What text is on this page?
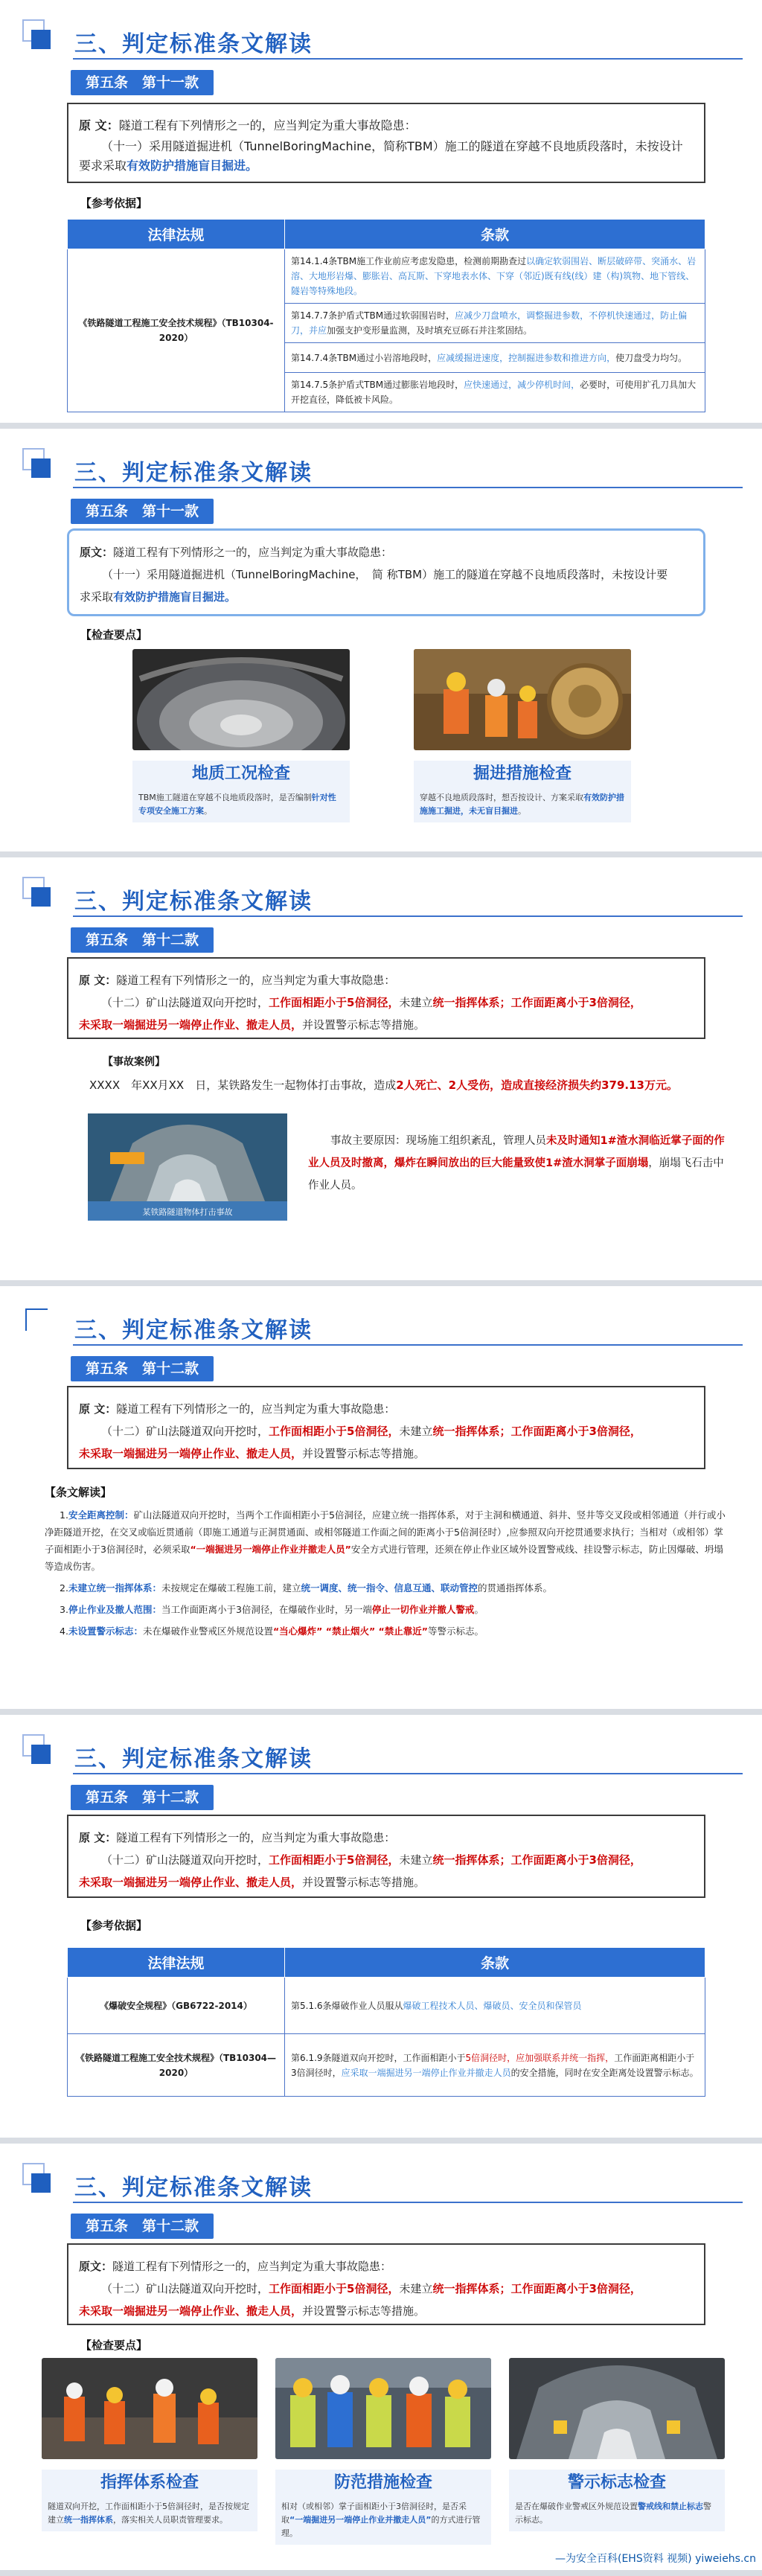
三、判定标准条文解读
第五条　第十一款
原 文：隧道工程有下列情形之一的，应当判定为重大事故隐患：
（十一）采用隧道掘进机（TunnelBoringMachine，简称TBM）施工的隧道在穿越不良地质段落时，未按设计要求采取有效防护措施盲目掘进。
【参考依据】
法律法规	条款
《铁路隧道工程施工安全技术规程》（TB10304-2020）	第14.1.4条TBM施工作业前应考虑发隐患，检测前期勘查过以确定软弱围岩、断层破碎带、突涌水、岩溶、大地形岩爆、膨胀岩、高瓦斯、下穿地表水体、下穿（邻近)既有线(线）建（构)筑物、地下管线、隧岩等特殊地段。
	第14.7.7条护盾式TBM通过软弱围岩时，应减少刀盘喷水，调整掘进参数，不停机快速通过，防止偏刀，并应加强支护变形量监测，及时填充豆砾石并注浆固结。
	第14.7.4条TBM通过小岩溶地段时，应减缓掘进速度，控制掘进参数和推进方向，使刀盘受力均匀。
	第14.7.5条护盾式TBM通过膨胀岩地段时，应快速通过，减少停机时间，必要时，可使用扩孔刀具加大开挖直径，降低被卡风险。
三、判定标准条文解读
第五条　第十一款
原文：隧道工程有下列情形之一的，应当判定为重大事故隐患：
（十一）采用隧道掘进机（TunnelBoringMachine，　简 称TBM）施工的隧道在穿越不良地质段落时，未按设计要
求采取有效防护措施盲目掘进。
【检查要点】
地质工况检查
TBM施工隧道在穿越不良地质段落时，是否编制针对性专项安全施工方案。
掘进措施检查
穿越不良地质段落时，想否按设计、方案采取有效防护措施施工掘进，未无盲目掘进。
三、判定标准条文解读
第五条　第十二款
原 文：隧道工程有下列情形之一的，应当判定为重大事故隐患：
（十二）矿山法隧道双向开挖时，工作面相距小于5倍洞径，未建立统一指挥体系；工作面距离小于3倍洞径，
未采取一端掘进另一端停止作业、撤走人员，并设置警示标志等措施。
【事故案例】
XXXX　年XX月XX　日，某铁路发生一起物体打击事故，造成2人死亡、2人受伤，造成直接经济损失约379.13万元。
某铁路隧道物体打击事故
事故主要原因：现场施工组织紊乱，管理人员未及时通知1#渣水洞临近掌子面的作业人员及时撤离，爆炸在瞬间放出的巨大能量致使1#渣水洞掌子面崩塌，崩塌飞石击中作业人员。
三、判定标准条文解读
第五条　第十二款
原 文：隧道工程有下列情形之一的，应当判定为重大事故隐患：
（十二）矿山法隧道双向开挖时，工作面相距小于5倍洞径，未建立统一指挥体系；工作面距离小于3倍洞径，
未采取一端掘进另一端停止作业、撤走人员，并设置警示标志等措施。
【条文解读】

1.安全距离控制：矿山法隧道双向开挖时，当两个工作面相距小于5倍洞径，应建立统一指挥体系，对于主洞和横通道、斜井、竖井等交叉段或相邻通道（并行或小净距隧道开挖，在交叉或临近贯通前（即施工通道与正洞贯通面、或相邻隧道工作面之间的距离小于5倍洞径时）,应参照双向开挖贯通要求执行；当相对（或相邻）掌子面相距小于3倍洞径时，必须采取“一端掘进另一端停止作业并撤走人员”安全方式进行管理，还须在停止作业区域外设置警戒线、挂设警示标志，防止因爆破、坍塌等造成伤害。

2.未建立统一指挥体系：未按规定在爆破工程施工前，建立统一调度、统一指令、信息互通、联动管控的贯通指挥体系。

3.停止作业及撤人范围：当工作面距离小于3倍洞径，在爆破作业时，另一端停止一切作业并撤人警戒。

4.未设置警示标志：未在爆破作业警戒区外规范设置“当心爆炸” “禁止烟火” “禁止靠近”等警示标志。

三、判定标准条文解读
第五条　第十二款
原 文：隧道工程有下列情形之一的，应当判定为重大事故隐患：
（十二）矿山法隧道双向开挖时，工作面相距小于5倍洞径，未建立统一指挥体系；工作面距离小于3倍洞径，
未采取一端掘进另一端停止作业、撤走人员，并设置警示标志等措施。
【参考依据】
法律法规	条款
《爆破安全规程》（GB6722-2014）	第5.1.6条爆破作业人员服从爆破工程技术人员、爆破员、安全员和保管员
《铁路隧道工程施工安全技术规程》（TB10304—2020）	第6.1.9条隧道双向开挖时，工作面相距小于5倍洞径时，应加强联系并统一指挥，工作面距离相距小于3倍洞径时，应采取一端掘进另一端停止作业并撤走人员的安全措施，同时在安全距离处设置警示标志。
三、判定标准条文解读
第五条　第十二款
原文：隧道工程有下列情形之一的，应当判定为重大事故隐患：
（十二）矿山法隧道双向开挖时，工作面相距小于5倍洞径，未建立统一指挥体系；工作面距离小于3倍洞径，
未采取一端掘进另一端停止作业、撤走人员，并设置警示标志等措施。
【检查要点】
指挥体系检查
隧道双向开挖，工作面相距小于5倍洞径时，是否按规定建立统一指挥体系，落实相关人员职责管理要求。
防范措施检查
相对（或相邻）掌子面相距小于3倍洞径时，是否采取“一端掘进另一端停止作业并撤走人员”的方式进行管理。
警示标志检查
是否在爆破作业警戒区外规范设置警戒线和禁止标志警示标志。
—为安全百科(EHS资料 视频) yiweiehs.cn
